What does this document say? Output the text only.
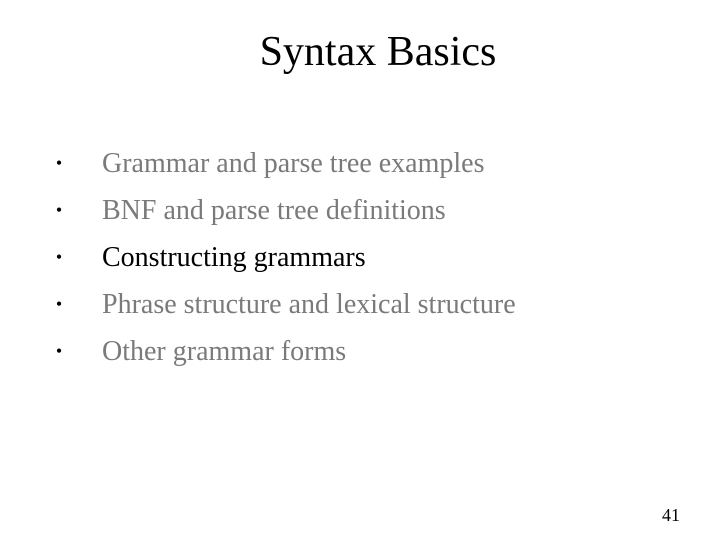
Syntax Basics
• Grammar and parse tree examples
• BNF and parse tree definitions
• Constructing grammars
• Phrase structure and lexical structure
• Other grammar forms
41
